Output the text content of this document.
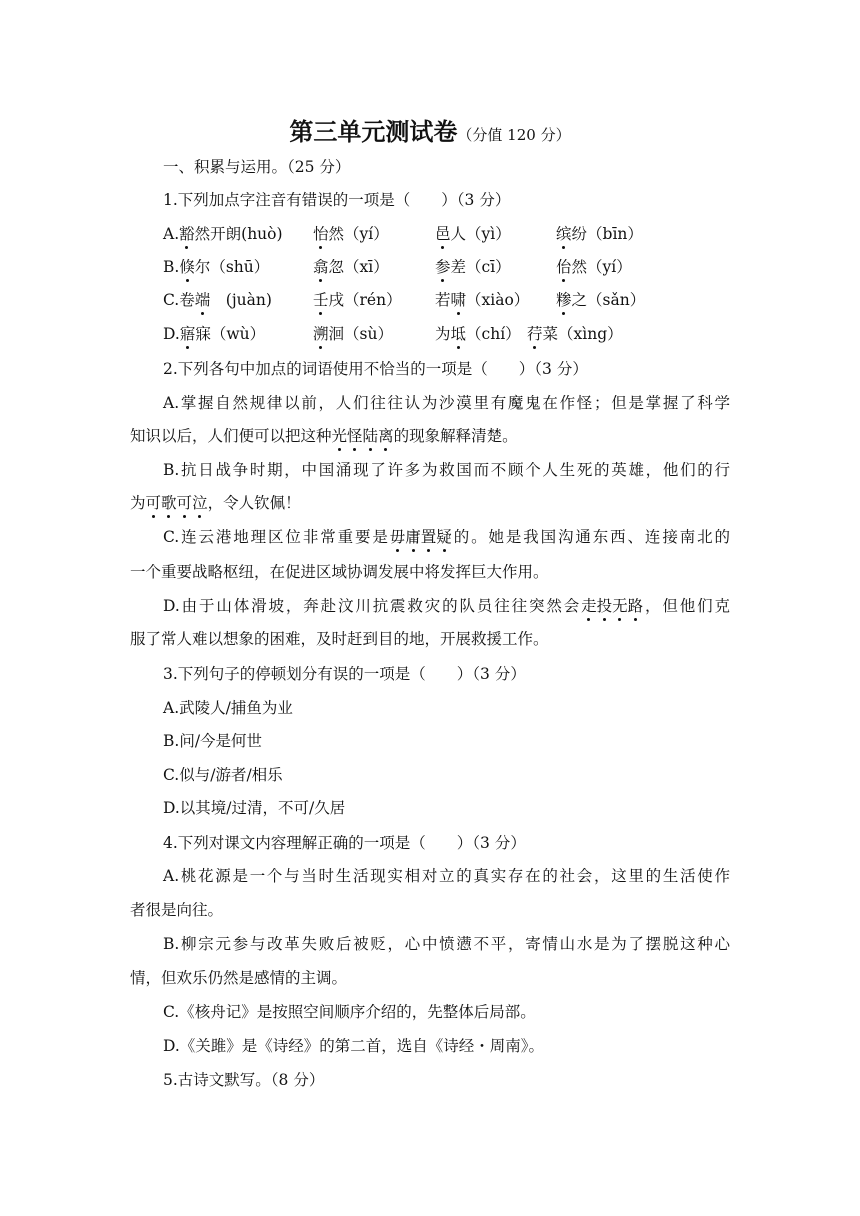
第三单元测试卷（分值 120 分）
一、积累与运用。（25 分）
1.下列加点字注音有错误的一项是（　　）（3 分）
A.豁然开朗(huò) 怡然（yí）	邑人（yì）	缤纷（bīn）
B.倏尔（shū）	翕忽（xī）	参差（cī）	佁然（yí）
C.卷端　(juàn)	壬戌（rén） 若啸（xiào） 糁之（sǎn）
D.寤寐（wù）	溯洄（sù）	为坻（chí） 荇菜（xìng）
2.下列各句中加点的词语使用不恰当的一项是（　　）（3 分）
A.掌握自然规律以前，人们往往认为沙漠里有魔鬼在作怪；但是掌握了科学
知识以后，人们便可以把这种光怪陆离的现象解释清楚。
B.抗日战争时期，中国涌现了许多为救国而不顾个人生死的英雄，他们的行
为可歌可泣，令人钦佩！
C.连云港地理区位非常重要是毋庸置疑的。她是我国沟通东西、连接南北的
一个重要战略枢纽，在促进区域协调发展中将发挥巨大作用。
D.由于山体滑坡，奔赴汶川抗震救灾的队员往往突然会走投无路，但他们克
服了常人难以想象的困难，及时赶到目的地，开展救援工作。
3.下列句子的停顿划分有误的一项是（　　）（3 分）
A.武陵人/捕鱼为业
B.问/今是何世
C.似与/游者/相乐
D.以其境/过清，不可/久居
4.下列对课文内容理解正确的一项是（　　）（3 分）
A.桃花源是一个与当时生活现实相对立的真实存在的社会，这里的生活使作
者很是向往。
B.柳宗元参与改革失败后被贬，心中愤懑不平，寄情山水是为了摆脱这种心
情，但欢乐仍然是感情的主调。
C.《核舟记》是按照空间顺序介绍的，先整体后局部。
D.《关雎》是《诗经》的第二首，选自《诗经・周南》。
5.古诗文默写。（8 分）
